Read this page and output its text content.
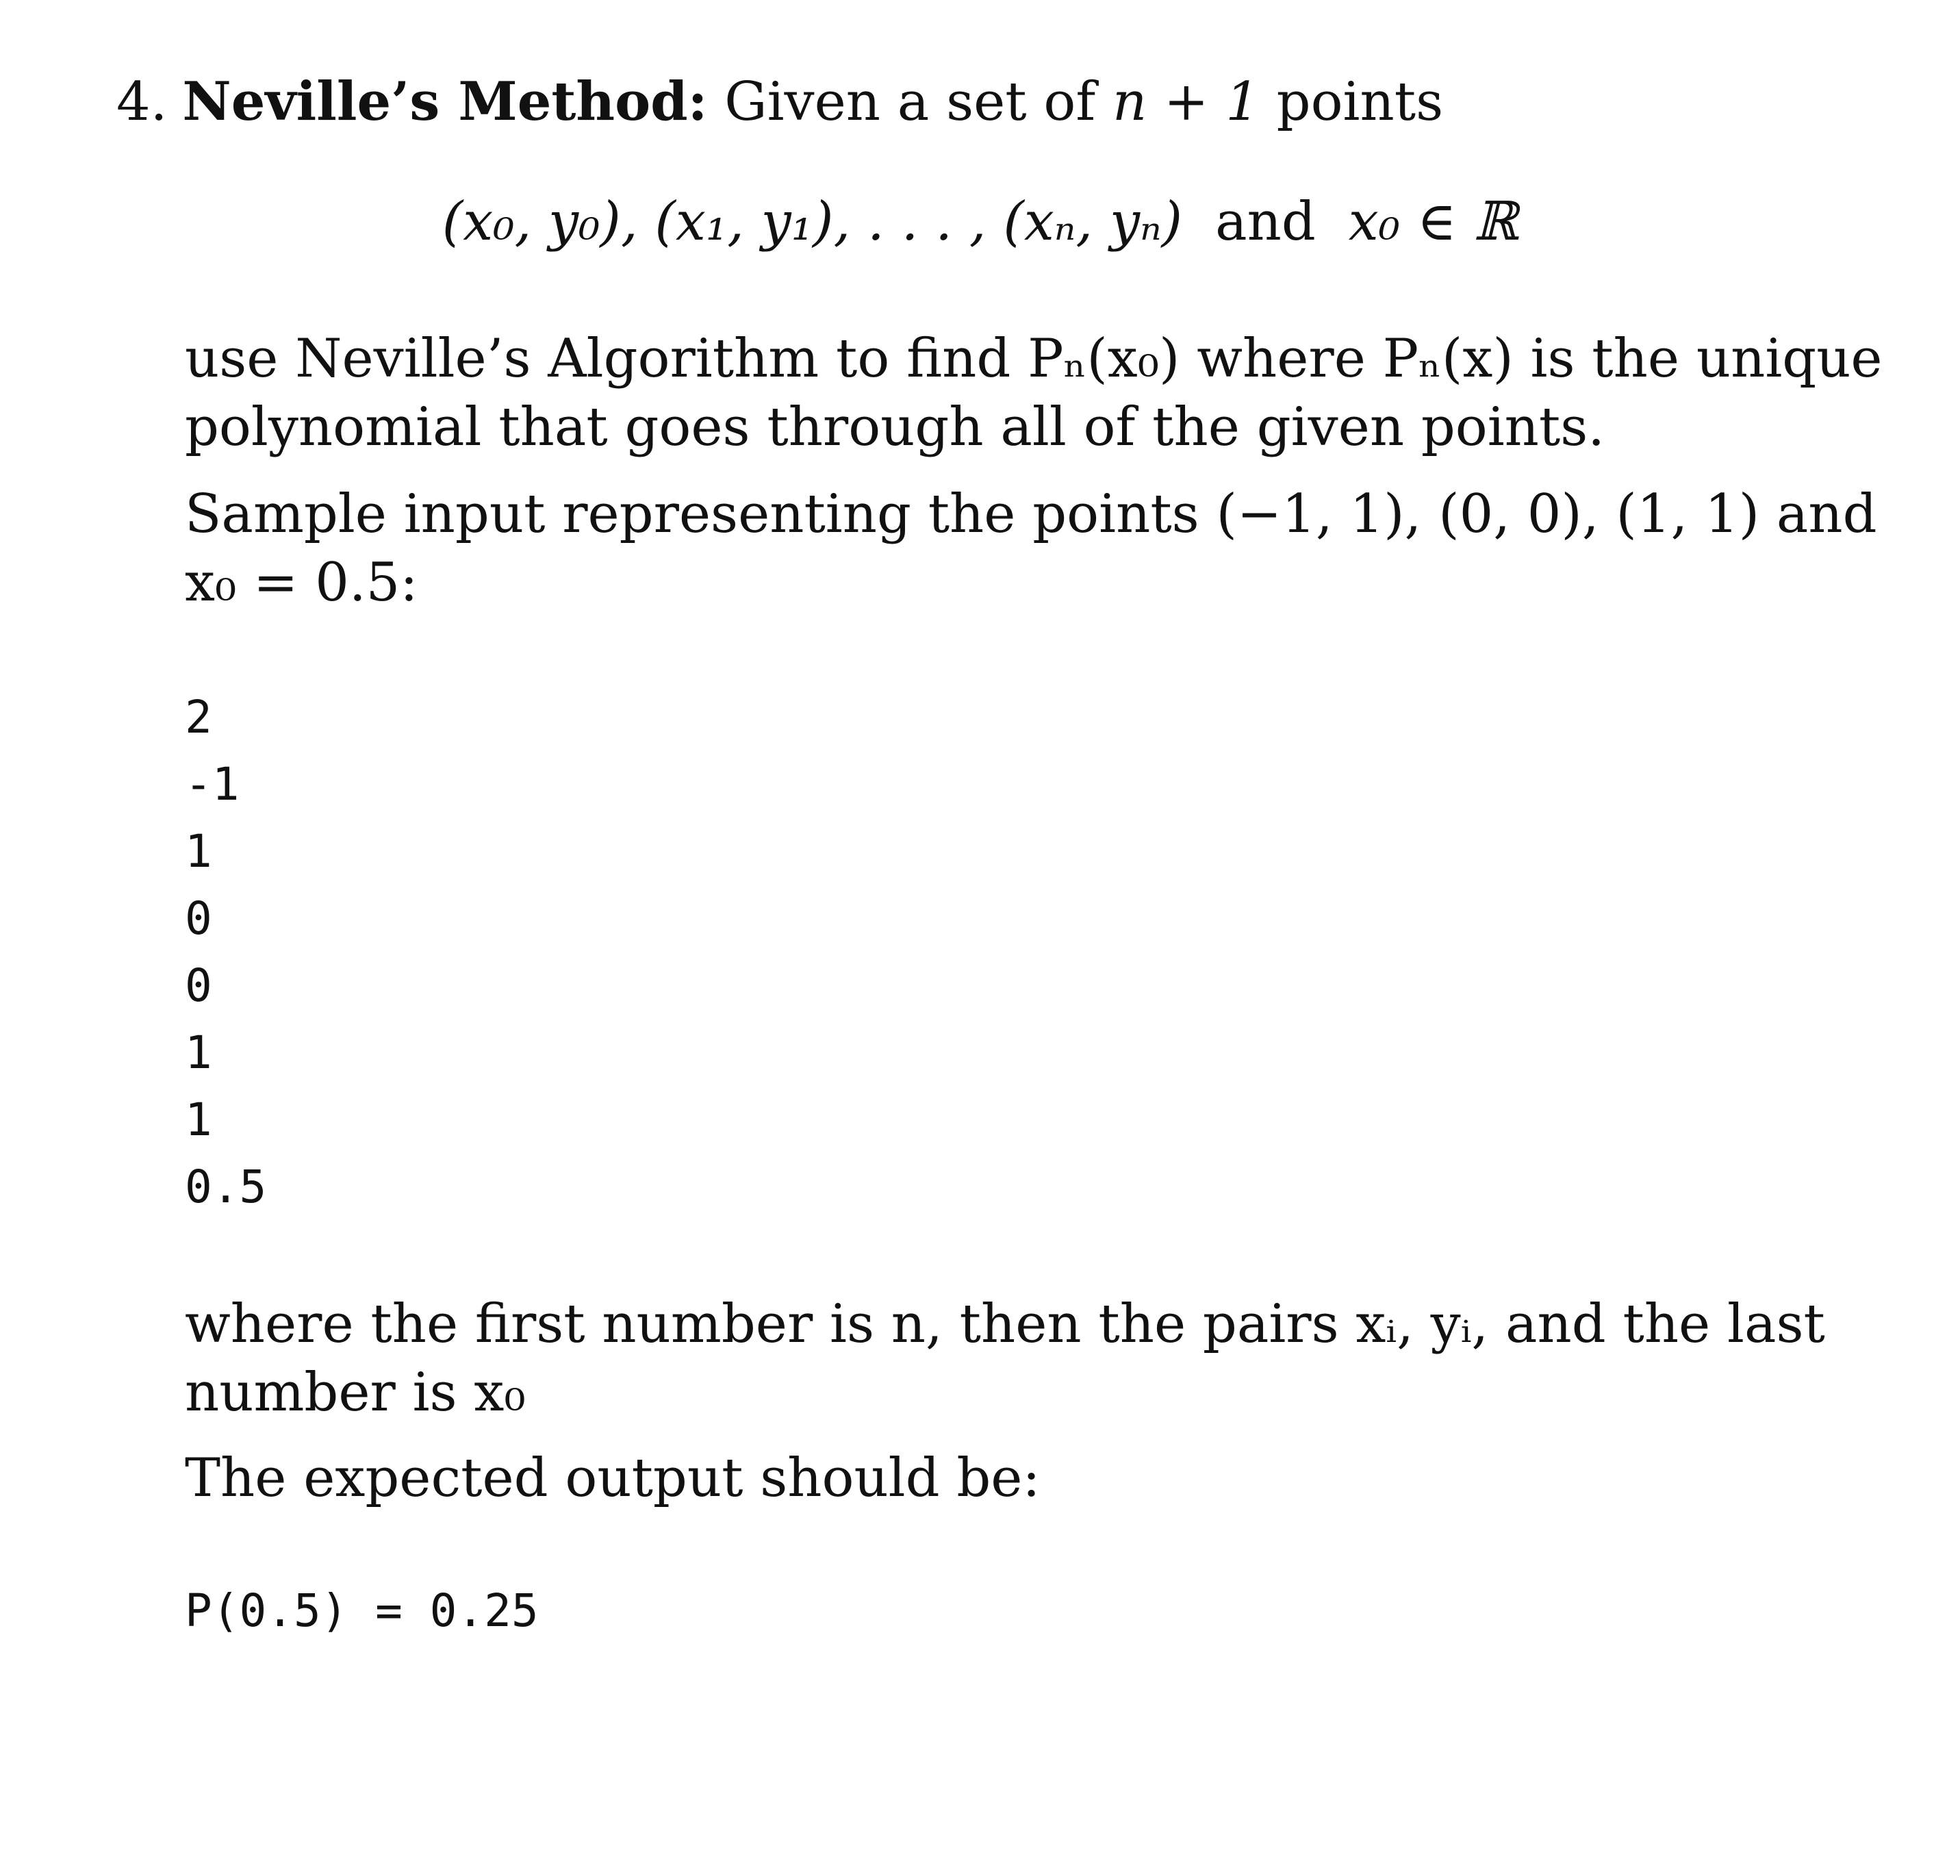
4. Neville’s Method: Given a set of n + 1 points
(x₀, y₀), (x₁, y₁), . . . , (xₙ, yₙ) and x₀ ∈ ℝ
use Neville’s Algorithm to find Pₙ(x₀) where Pₙ(x) is the unique
polynomial that goes through all of the given points.
Sample input representing the points (−1, 1), (0, 0), (1, 1) and
x₀ = 0.5:
2
-1
1
0
0
1
1
0.5
where the first number is n, then the pairs xᵢ, yᵢ, and the last
number is x₀
The expected output should be:
P(0.5) = 0.25
